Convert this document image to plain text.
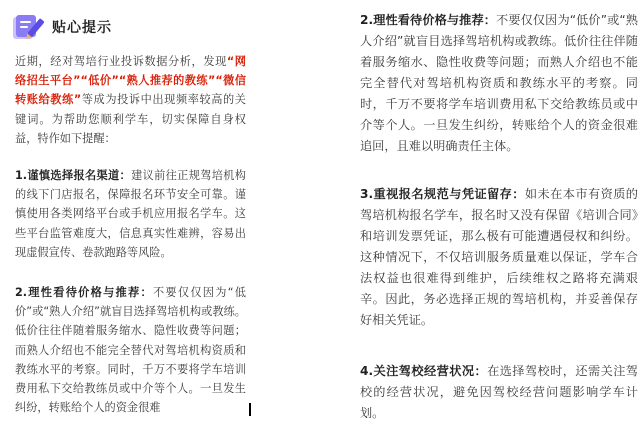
贴心提示

近期，经对驾培行业投诉数据分析，发现“网络招生平台”“低价”“熟人推荐的教练”“微信转账给教练”等成为投诉中出现频率较高的关键词。为帮助您顺利学车，切实保障自身权益，特作如下提醒：

1.谨慎选择报名渠道：建议前往正规驾培机构的线下门店报名，保障报名环节安全可靠。谨慎使用各类网络平台或手机应用报名学车。这些平台监管难度大，信息真实性难辨，容易出现虚假宣传、卷款跑路等风险。

2.理性看待价格与推荐：不要仅仅因为“低价”或“熟人介绍”就盲目选择驾培机构或教练。低价往往伴随着服务缩水、隐性收费等问题；而熟人介绍也不能完全替代对驾培机构资质和教练水平的考察。同时，千万不要将学车培训费用私下交给教练员或中介等个人。一旦发生纠纷，转账给个人的资金很难

2.理性看待价格与推荐：不要仅仅因为“低价”或“熟人介绍”就盲目选择驾培机构或教练。低价往往伴随着服务缩水、隐性收费等问题；而熟人介绍也不能完全替代对驾培机构资质和教练水平的考察。同时，千万不要将学车培训费用私下交给教练员或中介等个人。一旦发生纠纷，转账给个人的资金很难追回，且难以明确责任主体。

3.重视报名规范与凭证留存：如未在本市有资质的驾培机构报名学车，报名时又没有保留《培训合同》和培训发票凭证，那么极有可能遭遇侵权和纠纷。这种情况下，不仅培训服务质量难以保证，学车合法权益也很难得到维护，后续维权之路将充满艰辛。因此，务必选择正规的驾培机构，并妥善保存好相关凭证。

4.关注驾校经营状况：在选择驾校时，还需关注驾校的经营状况，避免因驾校经营问题影响学车计划。
